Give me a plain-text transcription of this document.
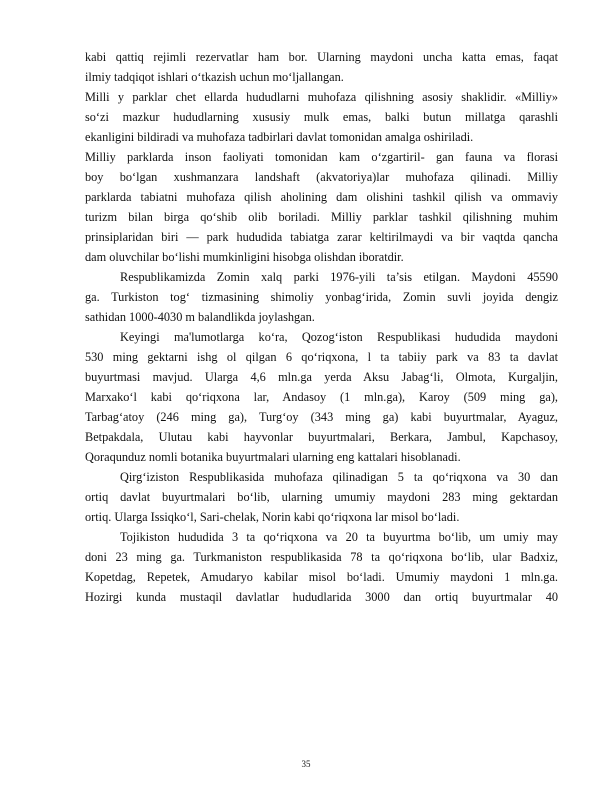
kabi qattiq rejimli rezervatlar ham bor. Ularning maydoni uncha katta emas, faqat
ilmiy tadqiqot ishlari o‘tkazish uchun mo‘ljallangan.
Milli y parklar chet ellarda hududlarni muhofaza qilishning asosiy shaklidir. «Milliy»
so‘zi mazkur hududlarning xususiy mulk emas, balki butun millatga qarashli
ekanligini bildiradi va muhofaza tadbirlari davlat tomonidan amalga oshiriladi.
Milliy parklarda inson faoliyati tomonidan kam o‘zgartiril- gan fauna va florasi
boy bo‘lgan xushmanzara landshaft (akvatoriya)lar muhofaza qilinadi. Milliy
parklarda tabiatni muhofaza qilish aholining dam olishini tashkil qilish va ommaviy
turizm bilan birga qo‘shib olib boriladi. Milliy parklar tashkil qilishning muhim
prinsiplaridan biri — park hududida tabiatga zarar keltirilmaydi va bir vaqtda qancha
dam oluvchilar bo‘lishi mumkinligini hisobga olishdan iboratdir.
Respublikamizda Zomin xalq parki 1976-yili ta’sis etilgan. Maydoni 45590
ga. Turkiston tog‘ tizmasining shimoliy yonbag‘irida, Zomin suvli joyida dengiz
sathidan 1000-4030 m balandlikda joylashgan.
Keyingi ma'lumotlarga ko‘ra, Qozog‘iston Respublikasi hududida maydoni
530 ming gektarni ishg ol qilgan 6 qo‘riqxona, l ta tabiiy park va 83 ta davlat
buyurtmasi mavjud. Ularga 4,6 mln.ga yerda Aksu Jabag‘li, Olmota, Kurgaljin,
Marxako‘l kabi qo‘riqxona lar, Andasoy (1 mln.ga), Karoy (509 ming ga),
Tarbag‘atoy (246 ming ga), Turg‘oy (343 ming ga) kabi buyurtmalar, Ayaguz,
Betpakdala, Ulutau kabi hayvonlar buyurtmalari, Berkara, Jambul, Kapchasoy,
Qoraqunduz nomli botanika buyurtmalari ularning eng kattalari hisoblanadi.
Qirg‘iziston Respublikasida muhofaza qilinadigan 5 ta qo‘riqxona va 30 dan
ortiq davlat buyurtmalari bo‘lib, ularning umumiy maydoni 283 ming gektardan
ortiq. Ularga Issiqko‘l, Sari-chelak, Norin kabi qo‘riqxona lar misol bo‘ladi.
Tojikiston hududida 3 ta qo‘riqxona va 20 ta buyurtma bo‘lib, um umiy may
doni 23 ming ga. Turkmaniston respublikasida 78 ta qo‘riqxona bo‘lib, ular Badxiz,
Kopetdag, Repetek, Amudaryo kabilar misol bo‘ladi. Umumiy maydoni 1 mln.ga.
Hozirgi kunda mustaqil davlatlar hududlarida 3000 dan ortiq buyurtmalar 40
35
